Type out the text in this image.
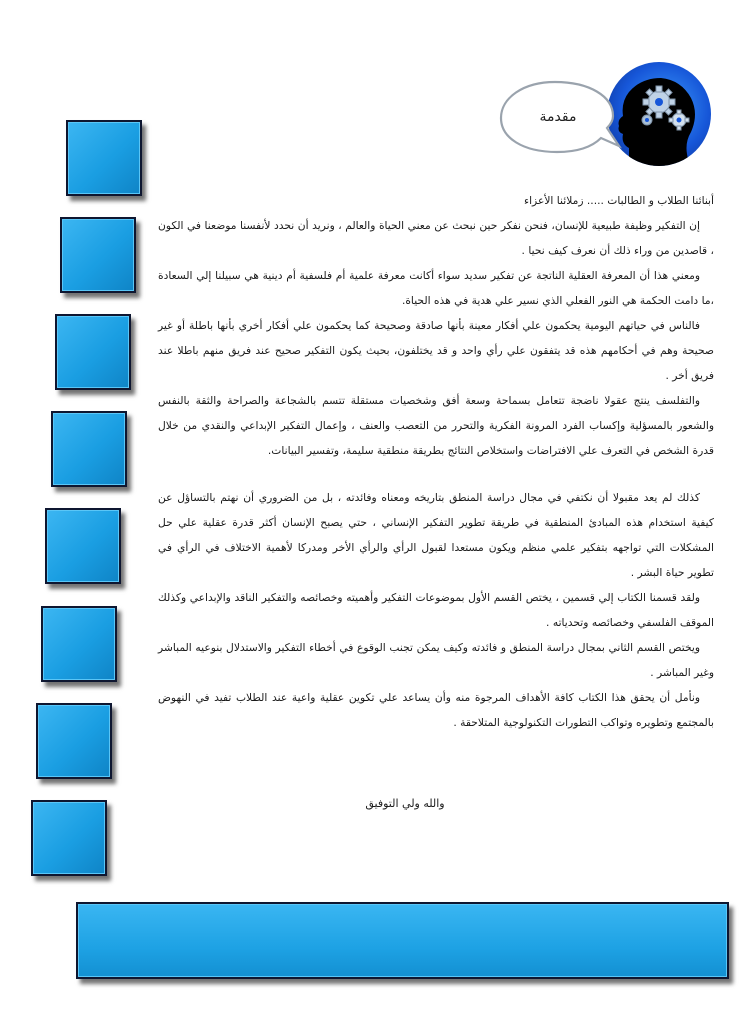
مقدمة

أبنائنا الطلاب و الطالبات ..... زملائنا الأعزاء

إن التفكير وظيفة طبيعية للإنسان، فنحن نفكر حين نبحث عن معني الحياة والعالم ، ونريد أن نحدد لأنفسنا موضعنا في الكون ، قاصدين من وراء ذلك أن نعرف كيف نحيا .

ومعني هذا أن المعرفة العقلية الناتجة عن تفكير سديد سواء أكانت معرفة علمية أم فلسفية أم دينية هي سبيلنا إلي السعادة ،ما دامت الحكمة هي النور الفعلي الذي نسير علي هدية في هذه الحياة.

فالناس في حياتهم اليومية يحكمون علي أفكار معينة بأنها صادقة وصحيحة كما يحكمون علي أفكار أخري بأنها باطلة أو غير صحيحة وهم في أحكامهم هذه قد يتفقون علي رأي واحد و قد يختلفون، بحيث يكون التفكير صحيح عند فريق منهم باطلا عند فريق أخر .

والتفلسف ينتج عقولا ناضجة تتعامل بسماحة وسعة أفق وشخصيات مستقلة تتسم بالشجاعة والصراحة والثقة بالنفس والشعور بالمسؤلية وإكساب الفرد المرونة الفكرية والتحرر من التعصب والعنف ، وإعمال التفكير الإبداعي والنقدي من خلال قدرة الشخص في التعرف علي الافتراضات واستخلاص النتائج بطريقة منطقية سليمة، وتفسير البيانات.

كذلك لم يعد مقبولا أن نكتفي في مجال دراسة المنطق بتاريخه ومعناه وفائدته ، بل من الضروري أن نهتم بالتساؤل عن كيفية استخدام هذه المبادئ المنطقية في طريقة تطوير التفكير الإنساني ، حتي يصبح الإنسان أكثر قدرة عقلية علي حل المشكلات التي تواجهه بتفكير علمي منظم ويكون مستعدا لقبول الرأي والرأي الأخر ومدركا لأهمية الاختلاف في الرأي في تطوير حياة البشر .

ولقد قسمنا الكتاب إلي قسمين ، يختص القسم الأول بموضوعات التفكير وأهميته وخصائصه والتفكير الناقد والإبداعي وكذلك الموقف الفلسفي وخصائصه وتحدياته .

ويختص القسم الثاني بمجال دراسة المنطق و فائدته وكيف يمكن تجنب الوقوع في أخطاء التفكير والاستدلال بنوعيه المباشر وغير المباشر .

ونأمل أن يحقق هذا الكتاب كافة الأهداف المرجوة منه وأن يساعد علي تكوين عقلية واعية عند الطلاب تفيد في النهوض بالمجتمع وتطويره وتواكب التطورات التكنولوجية المتلاحقة .

والله ولي التوفيق
